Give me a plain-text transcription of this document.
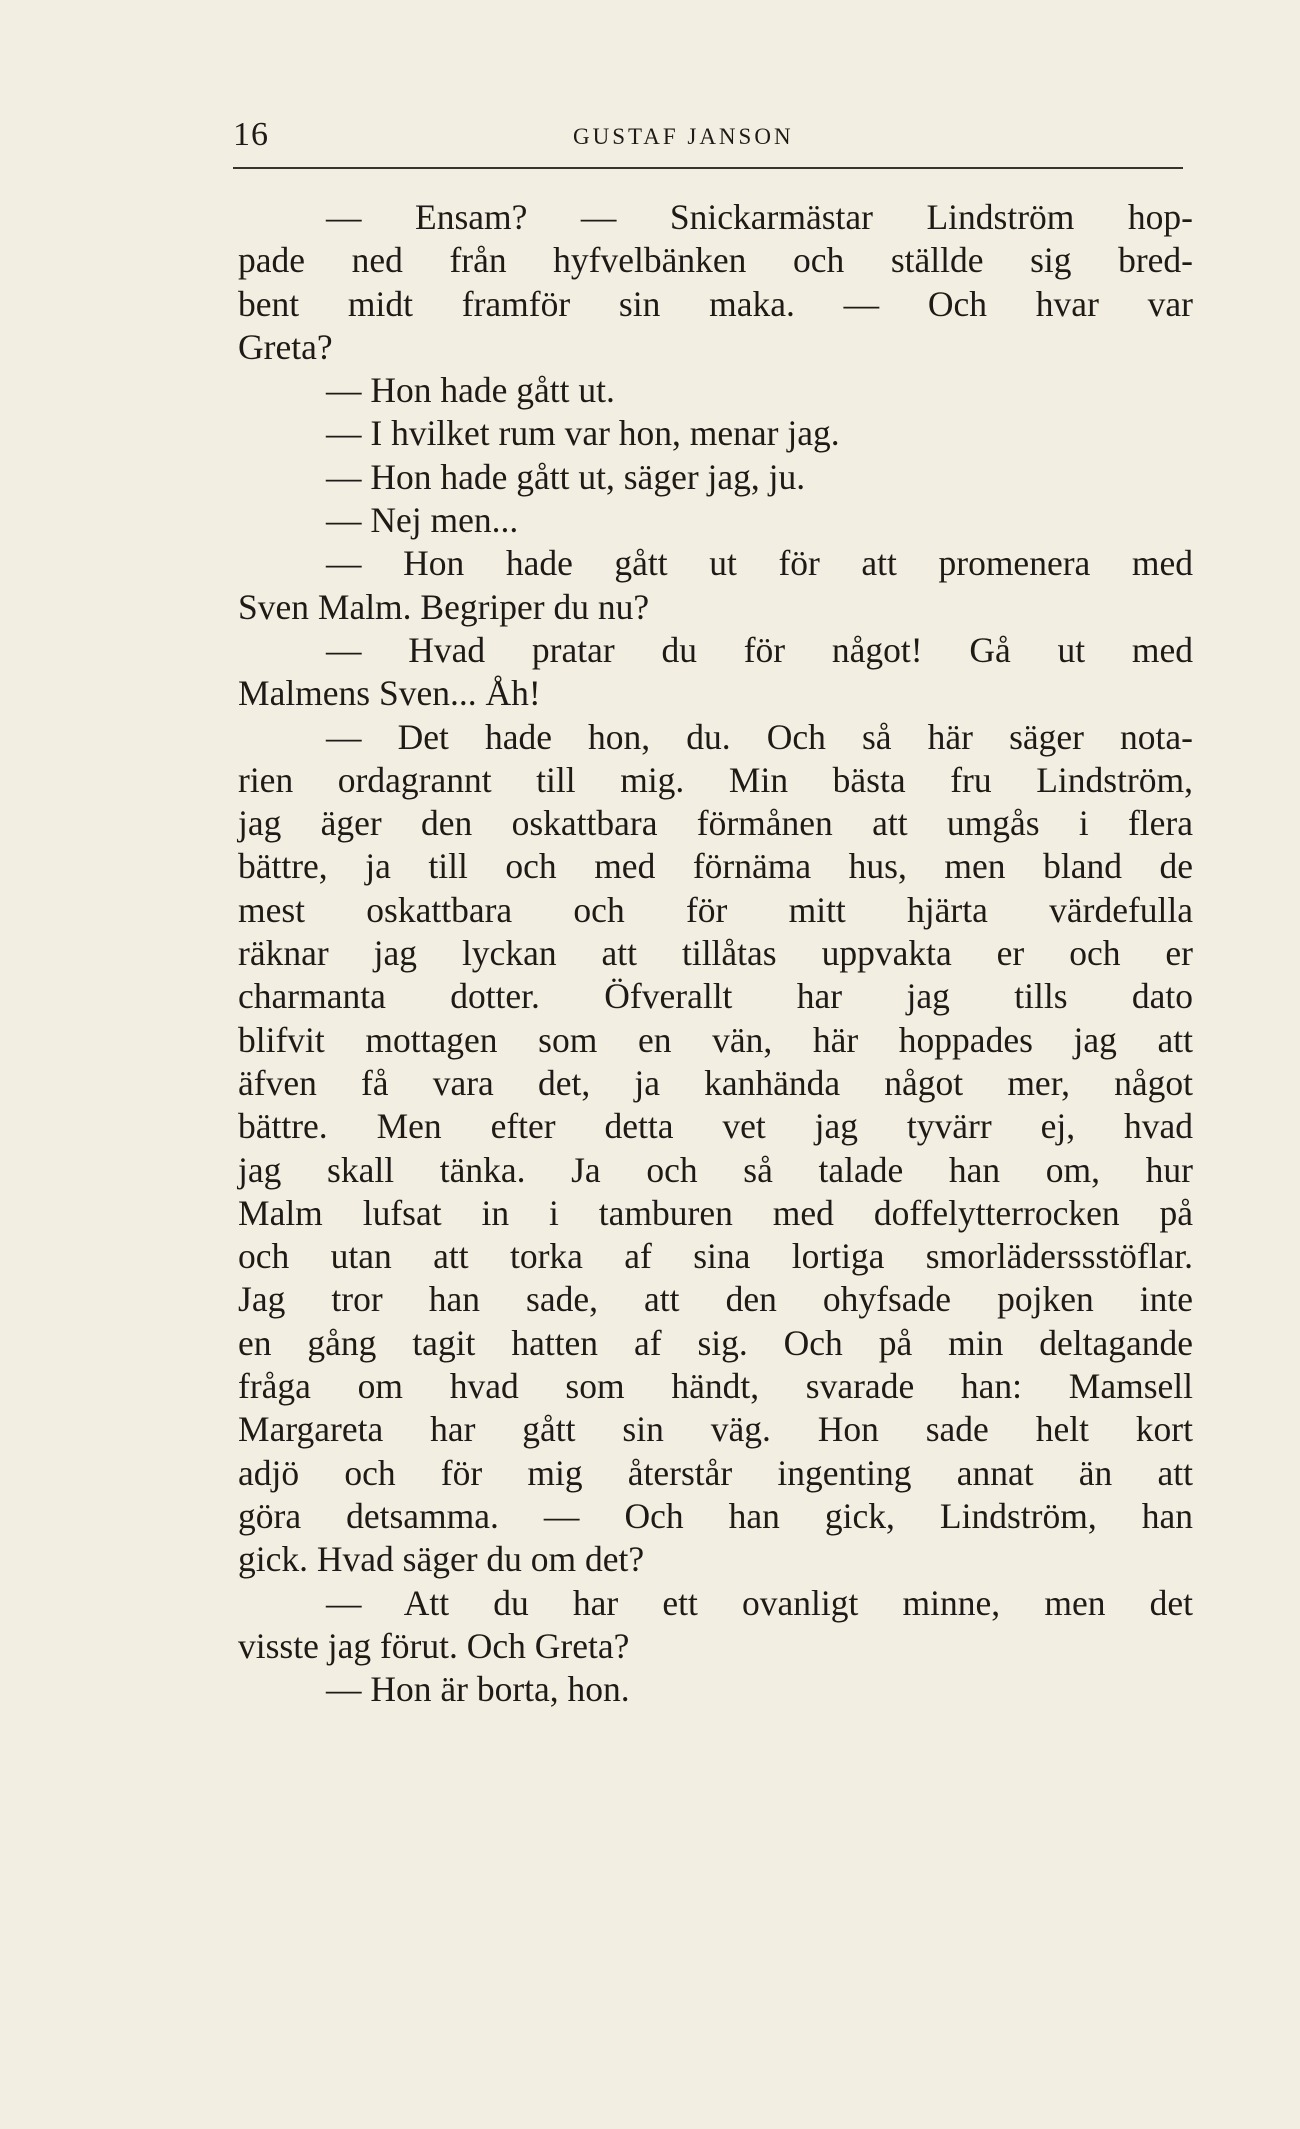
16	GUSTAF JANSON
— Ensam? — Snickarmästar Lindström hop-
pade ned från hyfvelbänken och ställde sig bred-
bent midt framför sin maka. — Och hvar var
Greta?
— Hon hade gått ut.
— I hvilket rum var hon, menar jag.
— Hon hade gått ut, säger jag, ju.
— Nej men...
— Hon hade gått ut för att promenera med
Sven Malm. Begriper du nu?
— Hvad pratar du för något! Gå ut med
Malmens Sven... Åh!
— Det hade hon, du. Och så här säger nota-
rien ordagrannt till mig. Min bästa fru Lindström,
jag äger den oskattbara förmånen att umgås i flera
bättre, ja till och med förnäma hus, men bland de
mest oskattbara och för mitt hjärta värdefulla
räknar jag lyckan att tillåtas uppvakta er och er
charmanta dotter. Öfverallt har jag tills dato
blifvit mottagen som en vän, här hoppades jag att
äfven få vara det, ja kanhända något mer, något
bättre. Men efter detta vet jag tyvärr ej, hvad
jag skall tänka. Ja och så talade han om, hur
Malm lufsat in i tamburen med doffelytterrocken på
och utan att torka af sina lortiga smorläderssstöflar.
Jag tror han sade, att den ohyfsade pojken inte
en gång tagit hatten af sig. Och på min deltagande
fråga om hvad som händt, svarade han: Mamsell
Margareta har gått sin väg. Hon sade helt kort
adjö och för mig återstår ingenting annat än att
göra detsamma. — Och han gick, Lindström, han
gick. Hvad säger du om det?
— Att du har ett ovanligt minne, men det
visste jag förut. Och Greta?
— Hon är borta, hon.
